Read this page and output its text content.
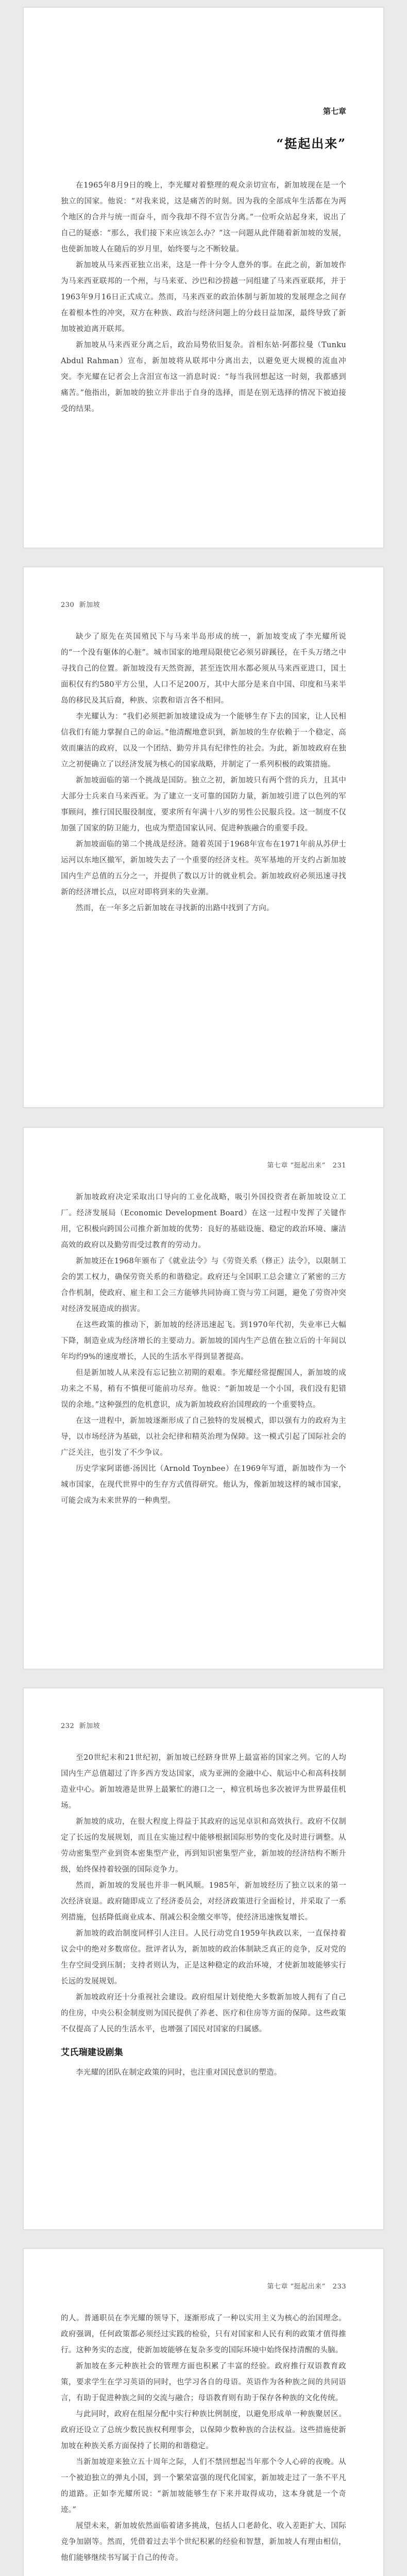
第七章
“挺起出来”

在1965年8月9日的晚上，李光耀对着整理的观众亲切宣布，新加坡现在是一个独立的国家。他说：“对我来说，这是痛苦的时刻。因为我的全部成年生活都在为两个地区的合并与统一而奋斗，而今我却不得不宣告分离。”一位听众站起身来，说出了自己的疑惑：“那么，我们接下来应该怎么办？”这一问题从此伴随着新加坡的发展，也使新加坡人在随后的岁月里，始终要与之不断较量。

新加坡从马来西亚独立出来，这是一件十分令人意外的事。在此之前，新加坡作为马来西亚联邦的一个州，与马来亚、沙巴和沙捞越一同组建了马来西亚联邦，并于1963年9月16日正式成立。然而，马来西亚的政治体制与新加坡的发展理念之间存在着根本性的冲突，双方在种族、政治与经济问题上的分歧日益加深，最终导致了新加坡被迫离开联邦。

新加坡从马来西亚分离之后，政治局势依旧复杂。首相东姑·阿都拉曼（Tunku Abdul Rahman）宣布，新加坡将从联邦中分离出去，以避免更大规模的流血冲突。李光耀在记者会上含泪宣布这一消息时说：“每当我回想起这一时刻，我都感到痛苦。”他指出，新加坡的独立并非出于自身的选择，而是在别无选择的情况下被迫接受的结果。

230 新加坡

缺少了原先在英国殖民下与马来半岛形成的统一，新加坡变成了李光耀所说的“一个没有躯体的心脏”。城市国家的地理局限使它必须另辟蹊径，在千头万绪之中寻找自己的位置。新加坡没有天然资源，甚至连饮用水都必须从马来西亚进口，国土面积仅有约580平方公里，人口不足200万，其中大部分是来自中国、印度和马来半岛的移民及其后裔，种族、宗教和语言各不相同。

李光耀认为：“我们必须把新加坡建设成为一个能够生存下去的国家，让人民相信我们有能力掌握自己的命运。”他清醒地意识到，新加坡的生存依赖于一个稳定、高效而廉洁的政府，以及一个团结、勤劳并具有纪律性的社会。为此，新加坡政府在独立之初便确立了以经济发展为核心的国家战略，并制定了一系列积极的政策措施。

新加坡面临的第一个挑战是国防。独立之初，新加坡只有两个营的兵力，且其中大部分士兵来自马来西亚。为了建立一支可靠的国防力量，新加坡引进了以色列的军事顾问，推行国民服役制度，要求所有年满十八岁的男性公民服兵役。这一制度不仅加强了国家的防卫能力，也成为塑造国家认同、促进种族融合的重要手段。

新加坡面临的第二个挑战是经济。随着英国于1968年宣布在1971年前从苏伊士运河以东地区撤军，新加坡失去了一个重要的经济支柱。英军基地的开支约占新加坡国内生产总值的五分之一，并提供了数以万计的就业机会。新加坡政府必须迅速寻找新的经济增长点，以应对即将到来的失业潮。

然而，在一年多之后新加坡在寻找新的出路中找到了方向。

第七章 “挺起出来” 231

新加坡政府决定采取出口导向的工业化战略，吸引外国投资者在新加坡设立工厂。经济发展局（Economic Development Board）在这一过程中发挥了关键作用，它积极向跨国公司推介新加坡的优势：良好的基础设施、稳定的政治环境、廉洁高效的政府以及勤劳而受过教育的劳动力。

新加坡还在1968年颁布了《就业法令》与《劳资关系（修正）法令》，以限制工会的罢工权力，确保劳资关系的和谐稳定。政府还与全国职工总会建立了紧密的三方合作机制，使政府、雇主和工会三方能够共同协商工资与劳工问题，避免了劳资冲突对经济发展造成的损害。

在这些政策的推动下，新加坡的经济迅速起飞。到1970年代初，失业率已大幅下降，制造业成为经济增长的主要动力。新加坡的国内生产总值在独立后的十年间以年均约9%的速度增长，人民的生活水平得到显著提高。

但是新加坡人从来没有忘记独立初期的艰难。李光耀经常提醒国人，新加坡的成功来之不易，稍有不慎便可能前功尽弃。他说：“新加坡是一个小国，我们没有犯错误的余地。”这种强烈的危机意识，成为新加坡政府治国理政的一个重要特点。

在这一进程中，新加坡逐渐形成了自己独特的发展模式，即以强有力的政府为主导，以市场经济为基础，以社会纪律和精英治理为保障。这一模式引起了国际社会的广泛关注，也引发了不少争议。

历史学家阿诺德·汤因比（Arnold Toynbee）在1969年写道，新加坡作为一个城市国家，在现代世界中的生存方式值得研究。他认为，像新加坡这样的城市国家，可能会成为未来世界的一种典型。

232 新加坡

至20世纪末和21世纪初，新加坡已经跻身世界上最富裕的国家之列。它的人均国内生产总值超过了许多西方发达国家，成为亚洲的金融中心、航运中心和高科技制造业中心。新加坡港是世界上最繁忙的港口之一，樟宜机场也多次被评为世界最佳机场。

新加坡的成功，在很大程度上得益于其政府的远见卓识和高效执行。政府不仅制定了长远的发展规划，而且在实施过程中能够根据国际形势的变化及时进行调整。从劳动密集型产业到资本密集型产业，再到知识密集型产业，新加坡的经济结构不断升级，始终保持着较强的国际竞争力。

然而，新加坡的发展也并非一帆风顺。1985年，新加坡经历了独立以来的第一次经济衰退。政府随即成立了经济委员会，对经济政策进行全面检讨，并采取了一系列措施，包括降低商业成本、削减公积金缴交率等，使经济迅速恢复增长。

新加坡的政治制度同样引人注目。人民行动党自1959年执政以来，一直保持着议会中的绝对多数席位。批评者认为，新加坡的政治体制缺乏真正的竞争，反对党的生存空间受到压制；支持者则认为，正是这种稳定的政治环境，才使新加坡能够实行长远的发展规划。

新加坡政府还十分重视社会建设。政府组屋计划使绝大多数新加坡人拥有了自己的住房，中央公积金制度则为国民提供了养老、医疗和住房等方面的保障。这些政策不仅提高了人民的生活水平，也增强了国民对国家的归属感。

艾氏瑞建设剧集

李光耀的团队在制定政策的同时，也注重对国民意识的塑造。

第七章 “挺起出来” 233

的人。普通职员在李光耀的领导下，逐渐形成了一种以实用主义为核心的治国理念。政府强调，任何政策都必须经过实践的检验，只有对国家和人民有利的政策才值得推行。这种务实的态度，使新加坡能够在复杂多变的国际环境中始终保持清醒的头脑。

新加坡在多元种族社会的管理方面也积累了丰富的经验。政府推行双语教育政策，要求学生在学习英语的同时，也学习各自的母语。英语作为各种族之间的共同语言，有助于促进种族之间的交流与融合；母语教育则有助于保存各种族的文化传统。

与此同时，政府在组屋分配中实行种族比例制度，以避免形成单一种族聚居区。政府还设立了总统少数民族权利理事会，以保障少数种族的合法权益。这些措施使新加坡在种族关系方面保持了长期的和谐稳定。

当新加坡迎来独立五十周年之际，人们不禁回想起当年那个令人心碎的夜晚。从一个被迫独立的弹丸小国，到一个繁荣富强的现代化国家，新加坡走过了一条不平凡的道路。正如李光耀所说：“新加坡能够生存下来并取得成功，这本身就是一个奇迹。”

展望未来，新加坡依然面临着诸多挑战，包括人口老龄化、收入差距扩大、国际竞争加剧等。然而，凭借着过去半个世纪积累的经验和智慧，新加坡人有理由相信，他们能够继续书写属于自己的传奇。
